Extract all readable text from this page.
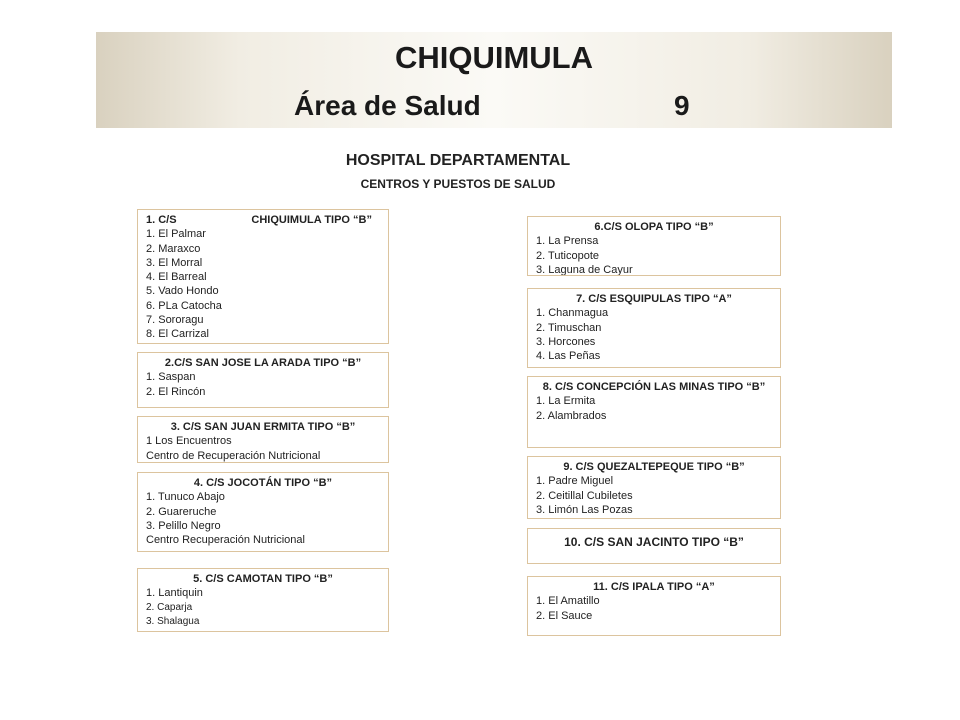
CHIQUIMULA
Área de Salud	9
HOSPITAL DEPARTAMENTAL
CENTROS Y PUESTOS DE SALUD
1. C/S	CHIQUIMULA TIPO “B”
1. El Palmar
2. Maraxco
3. El Morral
4. El Barreal
5. Vado Hondo
6. PLa Catocha
7. Sororagu
8. El Carrizal
2.C/S SAN JOSE LA ARADA TIPO “B”
1. Saspan
2. El Rincón
3. C/S SAN JUAN ERMITA TIPO “B”
1 Los Encuentros
Centro de Recuperación Nutricional
4. C/S JOCOTÁN TIPO “B”
1. Tunuco Abajo
2. Guareruche
3. Pelillo Negro
Centro Recuperación Nutricional
5. C/S CAMOTAN TIPO “B”
1. Lantiquin
2. Caparja
3. Shalagua
6.C/S OLOPA TIPO “B”
1. La Prensa
2. Tuticopote
3. Laguna de Cayur
7. C/S ESQUIPULAS TIPO “A”
1. Chanmagua
2. Timuschan
3. Horcones
4. Las Peñas
8. C/S CONCEPCIÓN LAS MINAS TIPO “B”
1. La Ermita
2. Alambrados
9. C/S QUEZALTEPEQUE TIPO “B”
1. Padre Miguel
2. Ceitillal Cubiletes
3. Limón Las Pozas
10. C/S SAN JACINTO TIPO “B”
11. C/S IPALA TIPO “A”
1. El Amatillo
2. El Sauce
